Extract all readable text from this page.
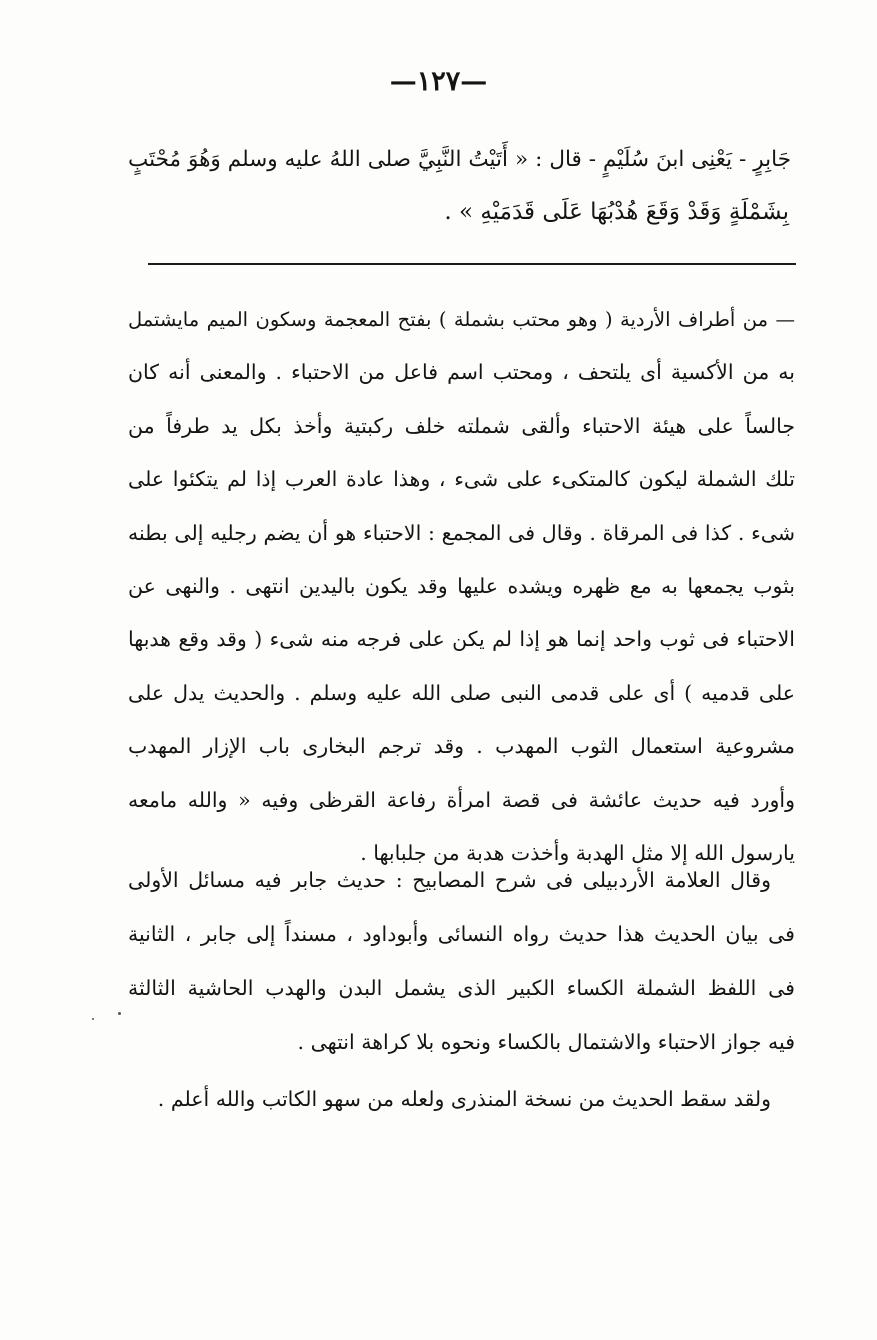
—١٢٧—
جَابِرٍ - يَعْنِى ابنَ سُلَيْمٍ - قال : « أَتَيْتُ النَّبِيَّ صلى اللهُ عليه وسلم وَهُوَ مُحْتَبٍ
بِشَمْلَةٍ وَقَدْ وَقَعَ هُدْبُهَا عَلَى قَدَمَيْهِ » .
— من أطراف الأردية ( وهو محتب بشملة ) بفتح المعجمة وسكون الميم مايشتمل
به من الأكسية أى يلتحف ، ومحتب اسم فاعل من الاحتباء . والمعنى أنه كان
جالساً على هيئة الاحتباء وألقى شملته خلف ركبتية وأخذ بكل يد طرفاً من
تلك الشملة ليكون كالمتكىء على شىء ، وهذا عادة العرب إذا لم يتكئوا على
شىء . كذا فى المرقاة . وقال فى المجمع : الاحتباء هو أن يضم رجليه إلى بطنه
بثوب يجمعها به مع ظهره ويشده عليها وقد يكون باليدين انتهى . والنهى عن
الاحتباء فى ثوب واحد إنما هو إذا لم يكن على فرجه منه شىء ( وقد وقع هدبها
على قدميه ) أى على قدمى النبى صلى الله عليه وسلم . والحديث يدل على
مشروعية استعمال الثوب المهدب . وقد ترجم البخارى باب الإزار المهدب
وأورد فيه حديث عائشة فى قصة امرأة رفاعة القرظى وفيه « والله مامعه
يارسول الله إلا مثل الهدبة وأخذت هدبة من جلبابها .
وقال العلامة الأردبيلى فى شرح المصابيح : حديث جابر فيه مسائل الأولى
فى بيان الحديث هذا حديث رواه النسائى وأبوداود ، مسنداً إلى جابر ، الثانية
فى اللفظ الشملة الكساء الكبير الذى يشمل البدن والهدب الحاشية الثالثة
فيه جواز الاحتباء والاشتمال بالكساء ونحوه بلا كراهة انتهى .
ولقد سقط الحديث من نسخة المنذرى ولعله من سهو الكاتب والله أعلم .
